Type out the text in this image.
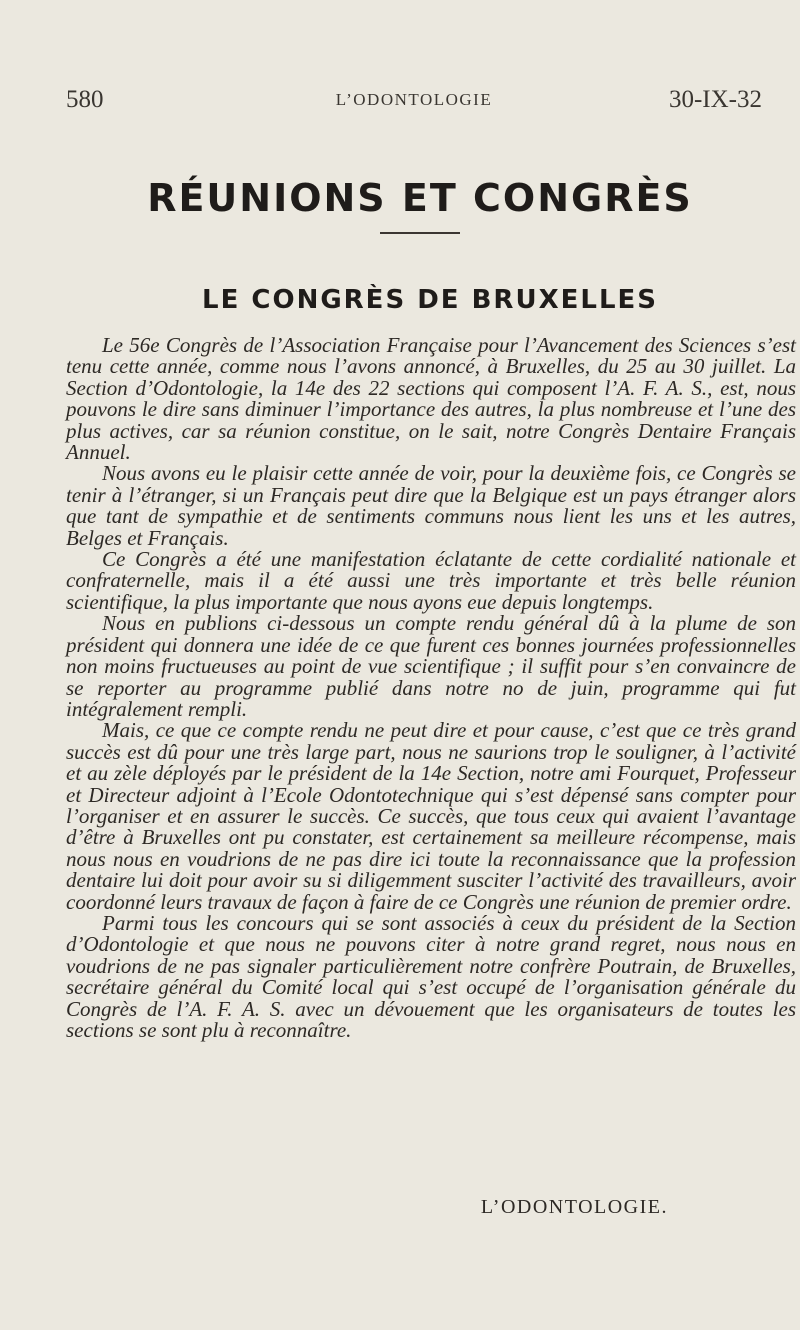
580	L’ODONTOLOGIE	30-IX-32
RÉUNIONS ET CONGRÈS
LE CONGRÈS DE BRUXELLES

Le 56e Congrès de l’Association Française pour l’Avancement des Sciences s’est tenu cette année, comme nous l’avons annoncé, à Bruxelles, du 25 au 30 juillet. La Section d’Odontologie, la 14e des 22 sections qui composent l’A. F. A. S., est, nous pouvons le dire sans diminuer l’importance des autres, la plus nombreuse et l’une des plus actives, car sa réunion constitue, on le sait, notre Congrès Dentaire Français Annuel.

Nous avons eu le plaisir cette année de voir, pour la deuxième fois, ce Congrès se tenir à l’étranger, si un Français peut dire que la Belgique est un pays étranger alors que tant de sympathie et de sentiments communs nous lient les uns et les autres, Belges et Français.

Ce Congrès a été une manifestation éclatante de cette cordialité nationale et confraternelle, mais il a été aussi une très importante et très belle réunion scientifique, la plus importante que nous ayons eue depuis longtemps.

Nous en publions ci-dessous un compte rendu général dû à la plume de son président qui donnera une idée de ce que furent ces bonnes journées professionnelles non moins fructueuses au point de vue scientifique ; il suffit pour s’en convaincre de se reporter au programme publié dans notre no de juin, programme qui fut intégralement rempli.

Mais, ce que ce compte rendu ne peut dire et pour cause, c’est que ce très grand succès est dû pour une très large part, nous ne saurions trop le souligner, à l’activité et au zèle déployés par le président de la 14e Section, notre ami Fourquet, Professeur et Directeur adjoint à l’Ecole Odontotechnique qui s’est dépensé sans compter pour l’organiser et en assurer le succès. Ce succès, que tous ceux qui avaient l’avantage d’être à Bruxelles ont pu constater, est certainement sa meilleure récompense, mais nous nous en voudrions de ne pas dire ici toute la reconnaissance que la profession dentaire lui doit pour avoir su si diligemment susciter l’activité des travailleurs, avoir coordonné leurs travaux de façon à faire de ce Congrès une réunion de premier ordre.

Parmi tous les concours qui se sont associés à ceux du président de la Section d’Odontologie et que nous ne pouvons citer à notre grand regret, nous nous en voudrions de ne pas signaler particulièrement notre confrère Poutrain, de Bruxelles, secrétaire général du Comité local qui s’est occupé de l’organisation générale du Congrès de l’A. F. A. S. avec un dévouement que les organisateurs de toutes les sections se sont plu à reconnaître.

L’ODONTOLOGIE.
